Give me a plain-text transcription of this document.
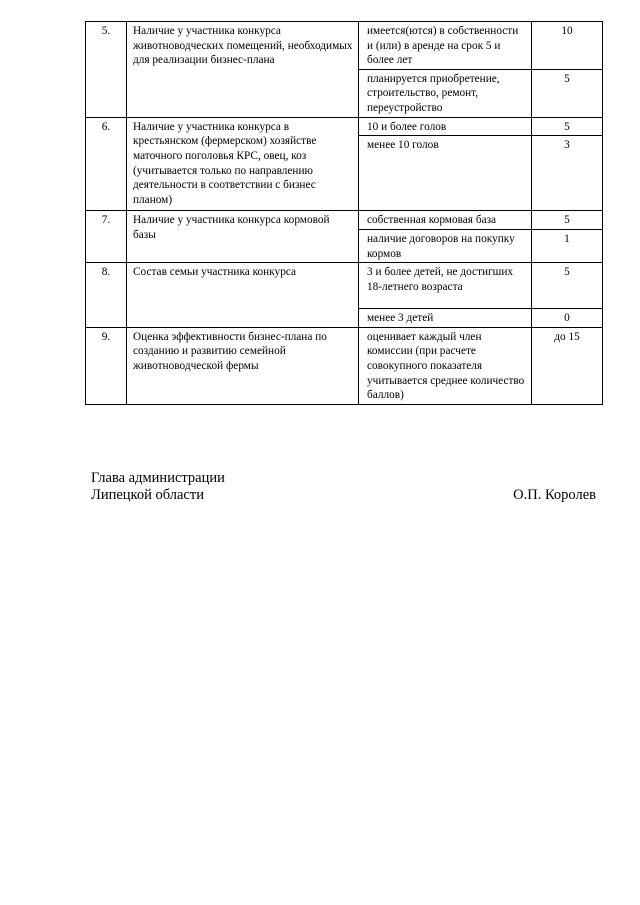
5.	Наличие у участника конкурса животноводческих помещений, необходимых для реализации бизнес-плана	имеется(ются) в собственности и (или) в аренде на срок 5 и более лет	10
		планируется приобретение, строительство, ремонт, переустройство	5
6.	Наличие у участника конкурса в крестьянском (фермерском) хозяйстве маточного поголовья КРС, овец, коз (учитывается только по направлению деятельности в соответствии с бизнес планом)	10 и более голов	5
		менее 10 голов	3
7.	Наличие у участника конкурса кормовой базы	собственная кормовая база	5
		наличие договоров на покупку кормов	1
8.	Состав семьи участника конкурса	3 и более детей, не достигших 18-летнего возраста	5
		менее 3 детей	0
9.	Оценка эффективности бизнес-плана по созданию и развитию семейной животноводческой фермы	оценивает каждый член комиссии (при расчете совокупного показателя учитывается среднее количество баллов)	до 15
Глава администрации
Липецкой области	О.П. Королев
